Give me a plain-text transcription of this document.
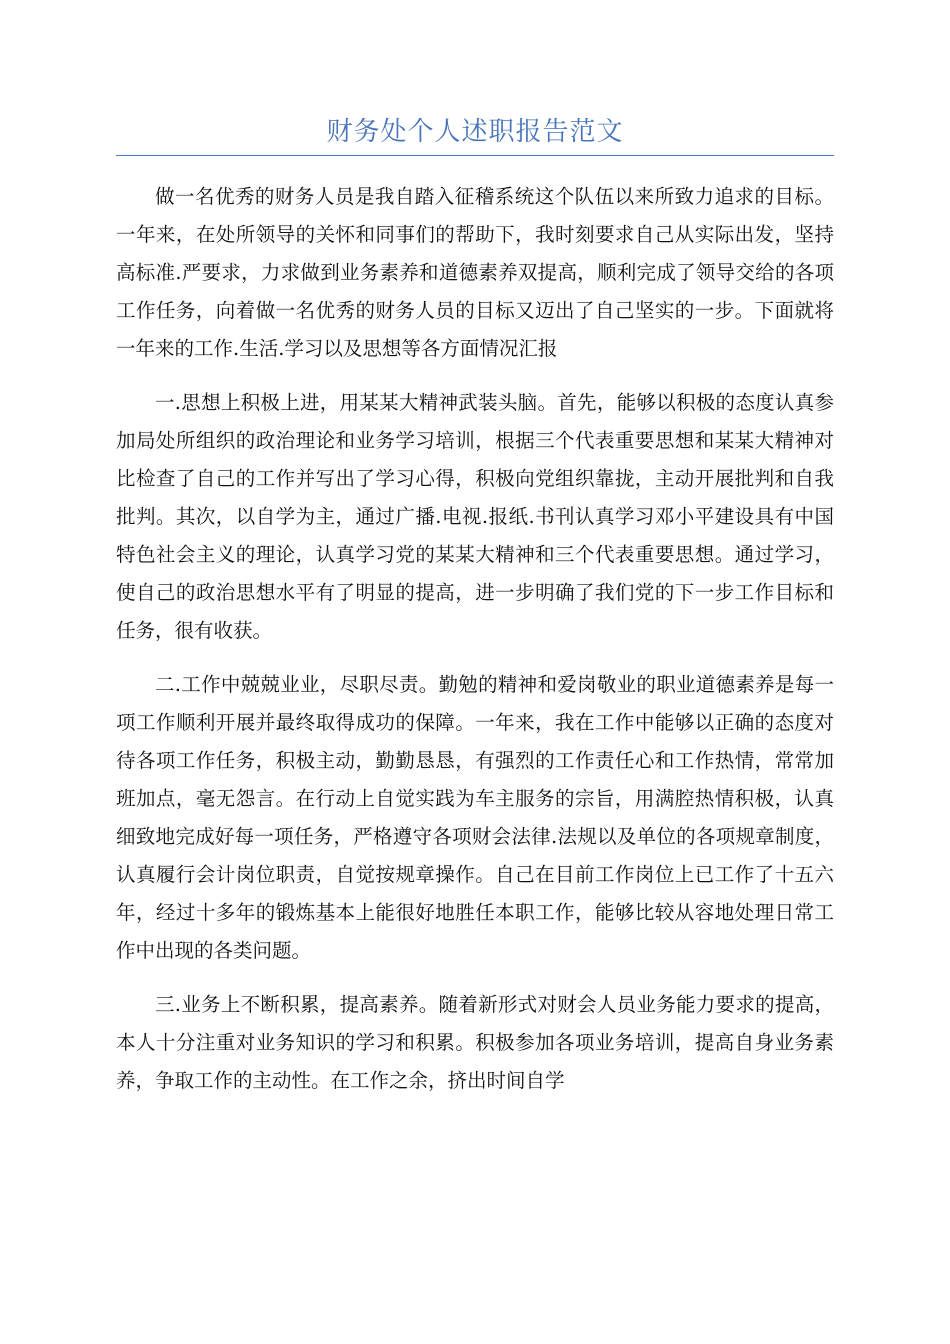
财务处个人述职报告范文

做一名优秀的财务人员是我自踏入征稽系统这个队伍以来所致力追求的目标。一年来，在处所领导的关怀和同事们的帮助下，我时刻要求自己从实际出发，坚持高标准.严要求，力求做到业务素养和道德素养双提高，顺利完成了领导交给的各项工作任务，向着做一名优秀的财务人员的目标又迈出了自己坚实的一步。下面就将一年来的工作.生活.学习以及思想等各方面情况汇报

一.思想上积极上进，用某某大精神武装头脑。首先，能够以积极的态度认真参加局处所组织的政治理论和业务学习培训，根据三个代表重要思想和某某大精神对比检查了自己的工作并写出了学习心得，积极向党组织靠拢，主动开展批判和自我批判。其次，以自学为主，通过广播.电视.报纸.书刊认真学习邓小平建设具有中国特色社会主义的理论，认真学习党的某某大精神和三个代表重要思想。通过学习，使自己的政治思想水平有了明显的提高，进一步明确了我们党的下一步工作目标和任务，很有收获。

二.工作中兢兢业业，尽职尽责。勤勉的精神和爱岗敬业的职业道德素养是每一项工作顺利开展并最终取得成功的保障。一年来，我在工作中能够以正确的态度对待各项工作任务，积极主动，勤勤恳恳，有强烈的工作责任心和工作热情，常常加班加点，毫无怨言。在行动上自觉实践为车主服务的宗旨，用满腔热情积极，认真细致地完成好每一项任务，严格遵守各项财会法律.法规以及单位的各项规章制度，认真履行会计岗位职责，自觉按规章操作。自己在目前工作岗位上已工作了十五六年，经过十多年的锻炼基本上能很好地胜任本职工作，能够比较从容地处理日常工作中出现的各类问题。

三.业务上不断积累，提高素养。随着新形式对财会人员业务能力要求的提高，本人十分注重对业务知识的学习和积累。积极参加各项业务培训，提高自身业务素养，争取工作的主动性。在工作之余，挤出时间自学
